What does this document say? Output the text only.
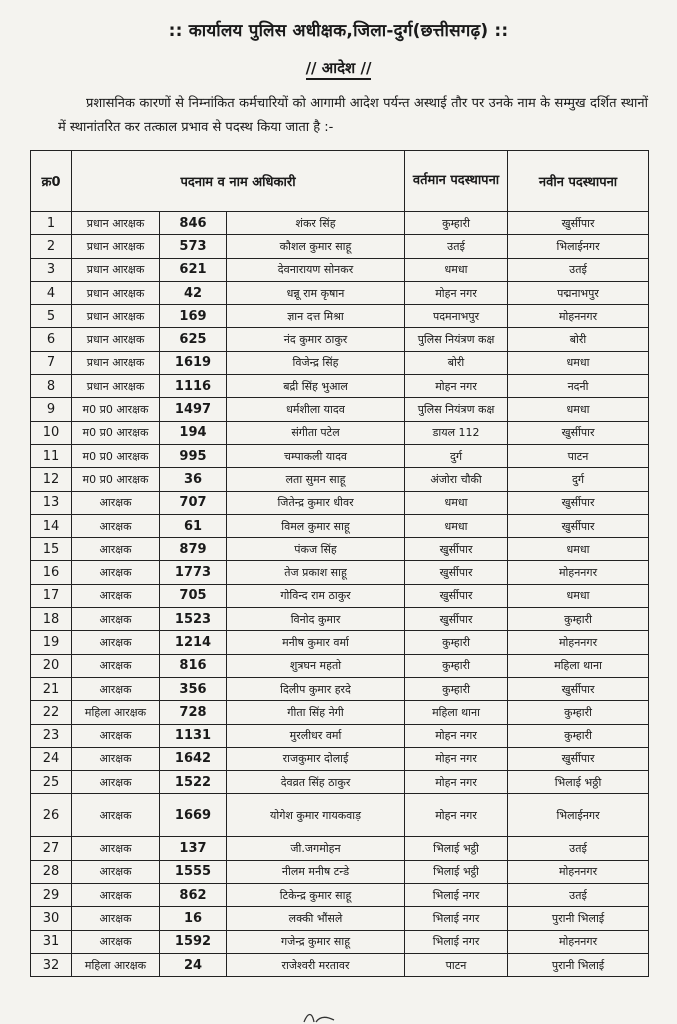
:: कार्यालय पुलिस अधीक्षक,जिला-दुर्ग(छत्तीसगढ़) ::
// आदेश //
प्रशासनिक कारणों से निम्नांकित कर्मचारियों को आगामी आदेश पर्यन्त अस्थाई तौर पर उनके नाम के सम्मुख दर्शित स्थानों में स्थानांतरित कर तत्काल प्रभाव से पदस्थ किया जाता है :-
क्र0	पदनाम व नाम अधिकारी			वर्तमान पदस्थापना	नवीन पदस्थापना
1	प्रधान आरक्षक	846	शंकर सिंह	कुम्हारी	खुर्सीपार
2	प्रधान आरक्षक	573	कौशल कुमार साहू	उतई	भिलाईनगर
3	प्रधान आरक्षक	621	देवनारायण सोनकर	धमधा	उतई
4	प्रधान आरक्षक	42	धन्नू राम कृषान	मोहन नगर	पद्मनाभपुर
5	प्रधान आरक्षक	169	ज्ञान दत्त मिश्रा	पदमनाभपुर	मोहननगर
6	प्रधान आरक्षक	625	नंद कुमार ठाकुर	पुलिस नियंत्रण कक्ष	बोरी
7	प्रधान आरक्षक	1619	विजेन्द्र सिंह	बोरी	धमधा
8	प्रधान आरक्षक	1116	बद्री सिंह भुआल	मोहन नगर	नदनी
9	म0 प्र0 आरक्षक	1497	धर्मशीला यादव	पुलिस नियंत्रण कक्ष	धमधा
10	म0 प्र0 आरक्षक	194	संगीता पटेल	डायल 112	खुर्सीपार
11	म0 प्र0 आरक्षक	995	चम्पाकली यादव	दुर्ग	पाटन
12	म0 प्र0 आरक्षक	36	लता सुमन साहू	अंजोरा चौकी	दुर्ग
13	आरक्षक	707	जितेन्द्र कुमार धीवर	धमधा	खुर्सीपार
14	आरक्षक	61	विमल कुमार साहू	धमधा	खुर्सीपार
15	आरक्षक	879	पंकज सिंह	खुर्सीपार	धमधा
16	आरक्षक	1773	तेज प्रकाश साहू	खुर्सीपार	मोहननगर
17	आरक्षक	705	गोविन्द राम ठाकुर	खुर्सीपार	धमधा
18	आरक्षक	1523	विनोद कुमार	खुर्सीपार	कुम्हारी
19	आरक्षक	1214	मनीष कुमार वर्मा	कुम्हारी	मोहननगर
20	आरक्षक	816	शुत्रघन महतो	कुम्हारी	महिला थाना
21	आरक्षक	356	दिलीप कुमार हरदे	कुम्हारी	खुर्सीपार
22	महिला आरक्षक	728	गीता सिंह नेगी	महिला थाना	कुम्हारी
23	आरक्षक	1131	मुरलीधर वर्मा	मोहन नगर	कुम्हारी
24	आरक्षक	1642	राजकुमार दोलाई	मोहन नगर	खुर्सीपार
25	आरक्षक	1522	देवव्रत सिंह ठाकुर	मोहन नगर	भिलाई भठ्ठी
26	आरक्षक	1669	योगेश कुमार गायकवाड़	मोहन नगर	भिलाईनगर
27	आरक्षक	137	जी.जगमोहन	भिलाई भट्ठी	उतई
28	आरक्षक	1555	नीलम मनीष टन्डे	भिलाई भट्ठी	मोहननगर
29	आरक्षक	862	टिकेन्द्र कुमार साहू	भिलाई नगर	उतई
30	आरक्षक	16	लक्की भौंसले	भिलाई नगर	पुरानी भिलाई
31	आरक्षक	1592	गजेन्द्र कुमार साहू	भिलाई नगर	मोहननगर
32	महिला आरक्षक	24	राजेश्वरी मरतावर	पाटन	पुरानी भिलाई
